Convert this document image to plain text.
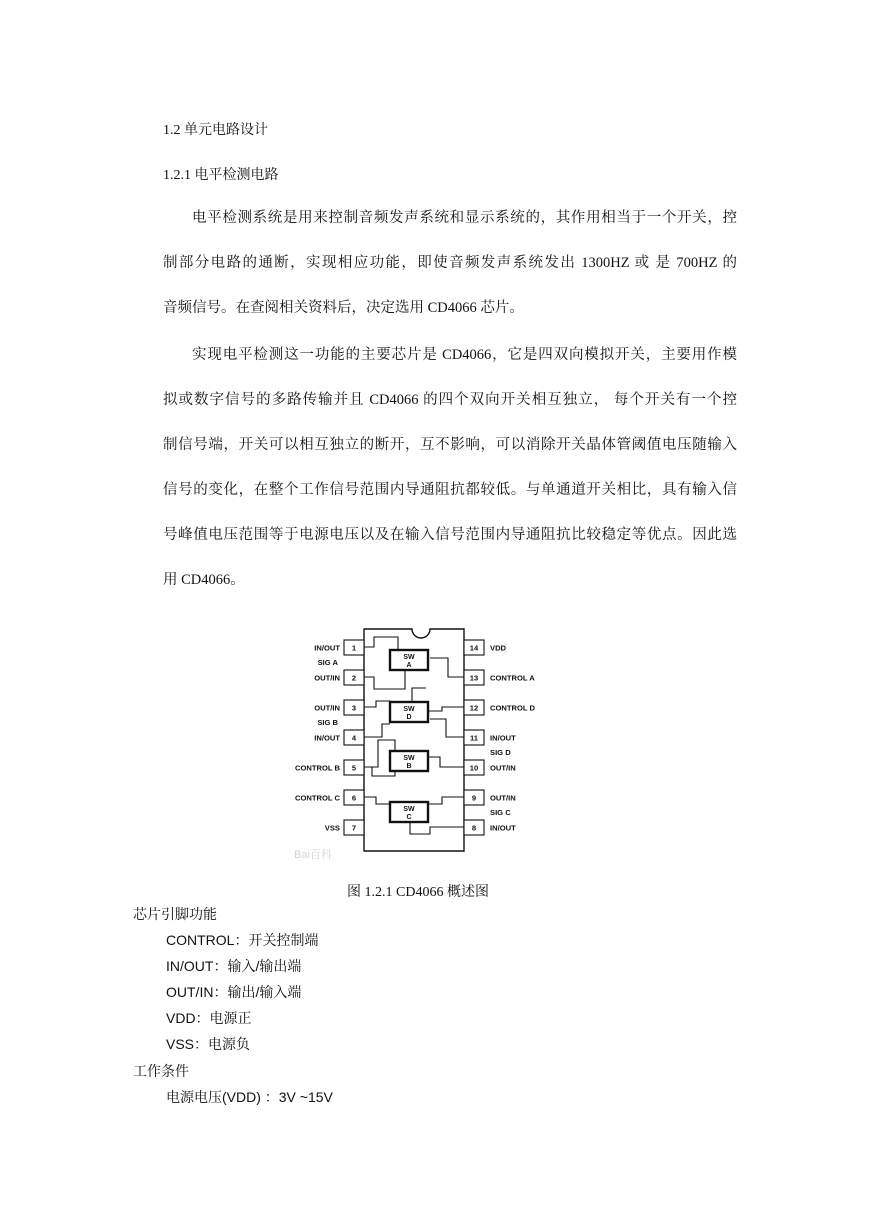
1.2 单元电路设计
1.2.1 电平检测电路
电平检测系统是用来控制音频发声系统和显示系统的，其作用相当于一个开关，控
制部分电路的通断，实现相应功能，即使音频发声系统发出 1300HZ 或 是 700HZ 的
音频信号。在查阅相关资料后，决定选用 CD4066 芯片。
实现电平检测这一功能的主要芯片是 CD4066，它是四双向模拟开关，主要用作模
拟或数字信号的多路传输并且 CD4066 的四个双向开关相互独立， 每个开关有一个控
制信号端，开关可以相互独立的断开，互不影响，可以消除开关晶体管阈值电压随输入
信号的变化，在整个工作信号范围内导通阻抗都较低。与单通道开关相比，具有输入信
号峰值电压范围等于电源电压以及在输入信号范围内导通阻抗比较稳定等优点。因此选
用 CD4066。
1
2
3
4
5
6
7
14
13
12
11
10
9
8
IN/OUT
SIG A
OUT/IN
OUT/IN
SIG B
IN/OUT
CONTROL B
CONTROL C
VSS
VDD
CONTROL A
CONTROL D
IN/OUT
SIG D
OUT/IN
OUT/IN
SIG C
IN/OUT
SW
A
SW
D
SW
B
SW
C
Bai百科
图 1.2.1 CD4066 概述图
芯片引脚功能
CONTROL：开关控制端
IN/OUT：输入/输出端
OUT/IN：输出/输入端
VDD：电源正
VSS：电源负
工作条件
电源电压(VDD) ：3V ~15V
